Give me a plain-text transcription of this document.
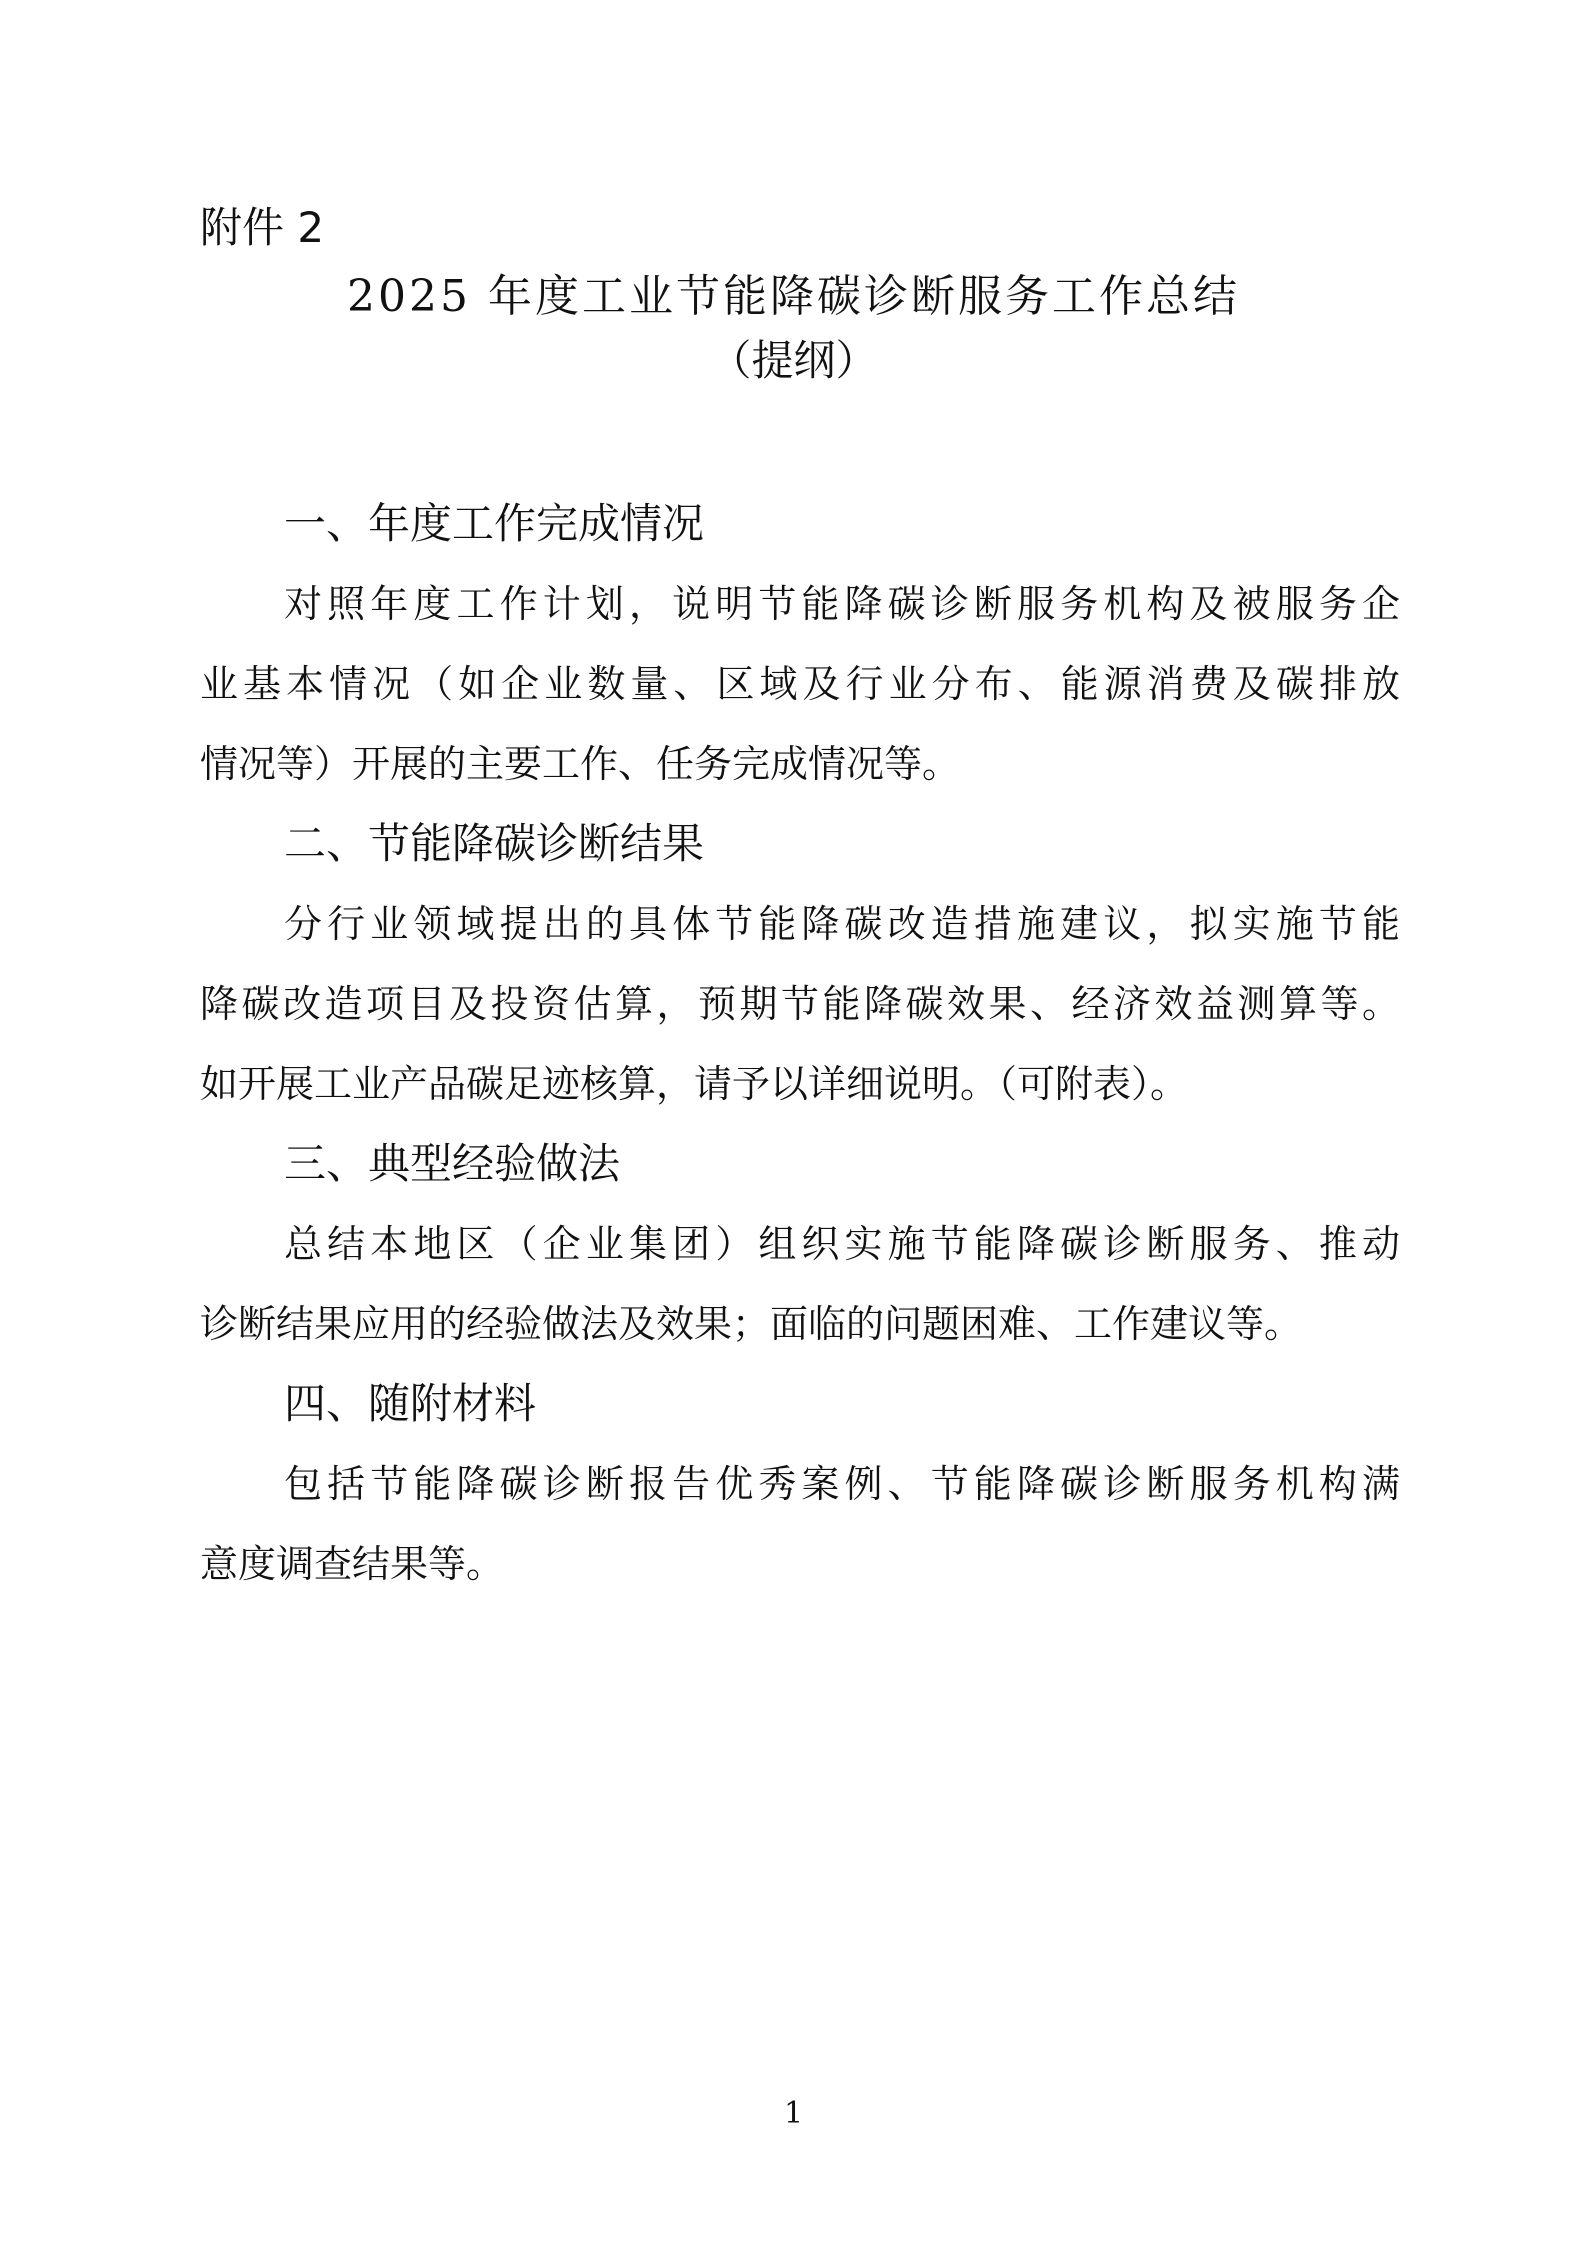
附件 2
2025 年度工业节能降碳诊断服务工作总结
（提纲）
一、年度工作完成情况
对照年度工作计划，说明节能降碳诊断服务机构及被服务企
业基本情况（如企业数量、区域及行业分布、能源消费及碳排放
情况等）开展的主要工作、任务完成情况等。
二、节能降碳诊断结果
分行业领域提出的具体节能降碳改造措施建议，拟实施节能
降碳改造项目及投资估算，预期节能降碳效果、经济效益测算等。
如开展工业产品碳足迹核算，请予以详细说明。（可附表）。
三、典型经验做法
总结本地区（企业集团）组织实施节能降碳诊断服务、推动
诊断结果应用的经验做法及效果；面临的问题困难、工作建议等。
四、随附材料
包括节能降碳诊断报告优秀案例、节能降碳诊断服务机构满
意度调查结果等。
1
